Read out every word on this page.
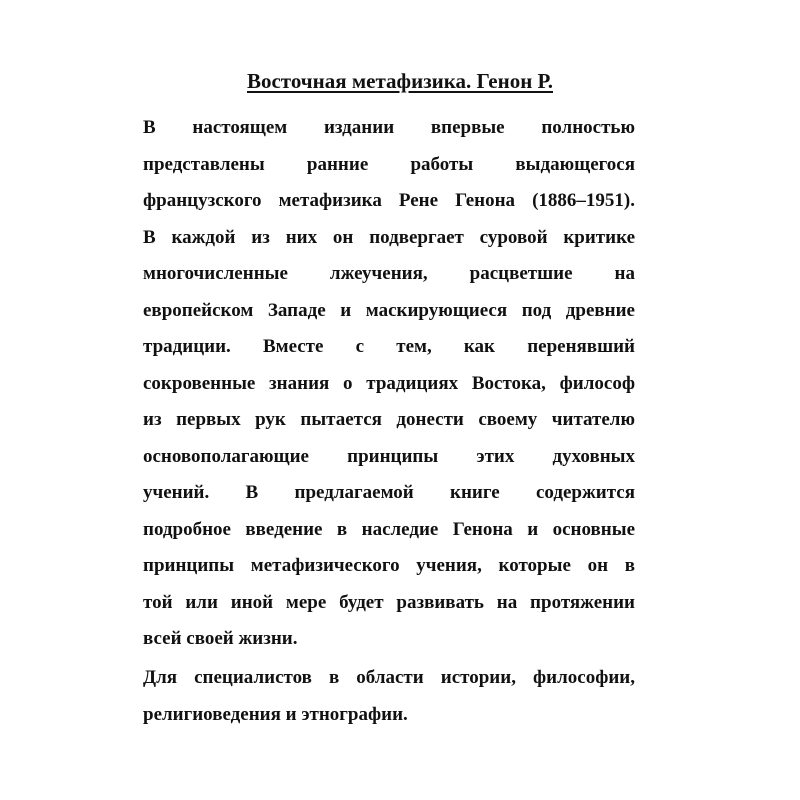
Восточная метафизика. Генон Р.
В настоящем издании впервые полностью
представлены ранние работы выдающегося
французского метафизика Рене Генона (1886–1951).
В каждой из них он подвергает суровой критике
многочисленные лжеучения, расцветшие на
европейском Западе и маскирующиеся под древние
традиции. Вместе с тем, как перенявший
сокровенные знания о традициях Востока, философ
из первых рук пытается донести своему читателю
основополагающие принципы этих духовных
учений. В предлагаемой книге содержится
подробное введение в наследие Генона и основные
принципы метафизического учения, которые он в
той или иной мере будет развивать на протяжении
всей своей жизни.
Для специалистов в области истории, философии,
религиоведения и этнографии.
